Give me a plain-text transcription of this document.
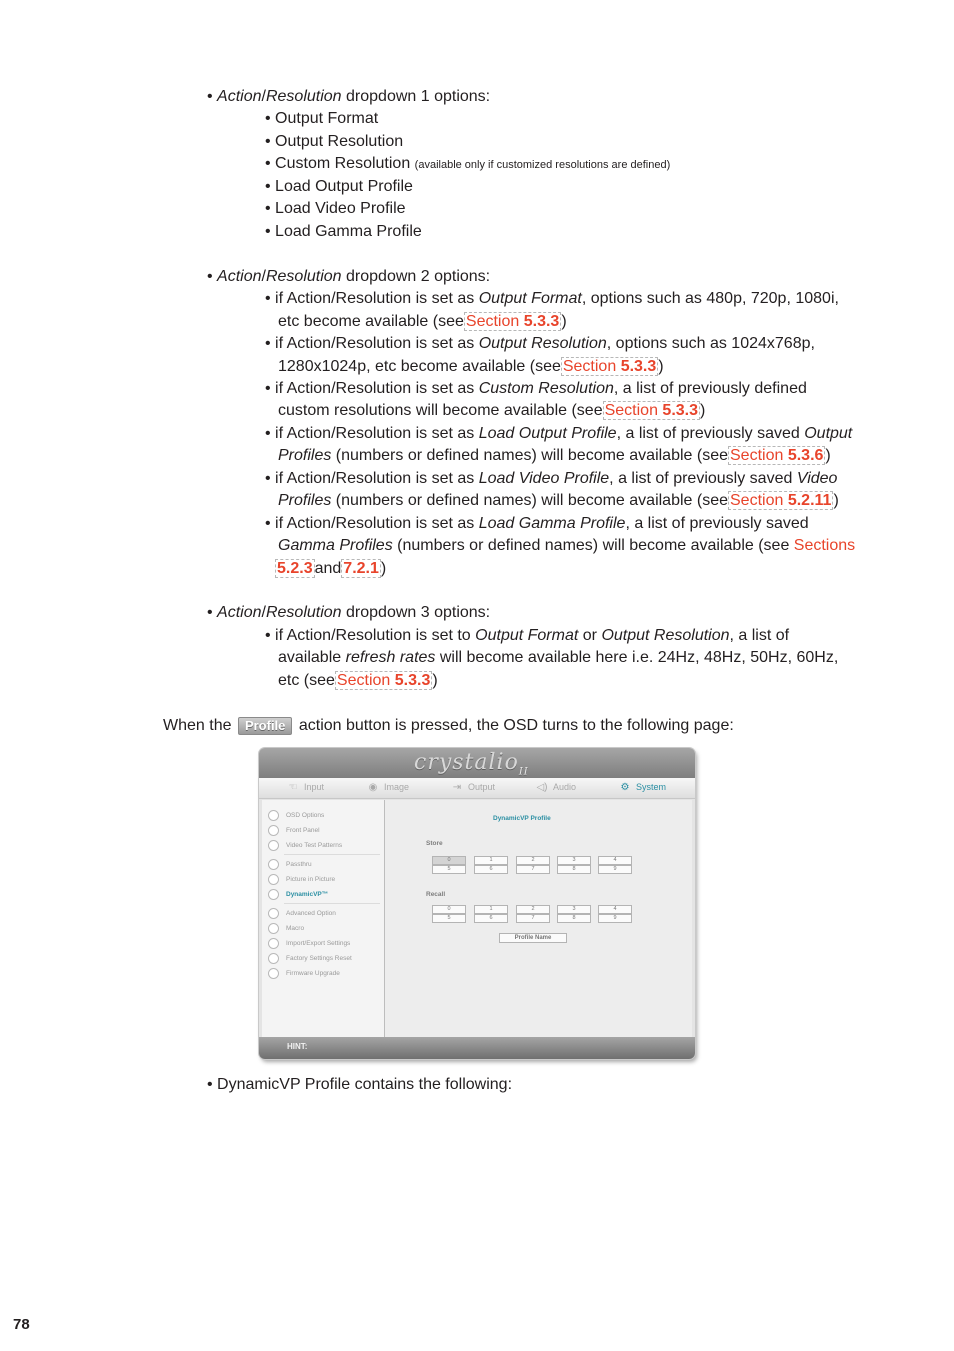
• Action/Resolution dropdown 1 options:
• Output Format
• Output Resolution
• Custom Resolution (available only if customized resolutions are defined)
• Load Output Profile
• Load Video Profile
• Load Gamma Profile
• Action/Resolution dropdown 2 options:
• if Action/Resolution is set as Output Format, options such as 480p, 720p, 1080i,
etc become available (see Section 5.3.3 )
• if Action/Resolution is set as Output Resolution, options such as 1024x768p,
1280x1024p, etc become available (see Section 5.3.3 )
• if Action/Resolution is set as Custom Resolution, a list of previously defined
custom resolutions will become available (see Section 5.3.3 )
• if Action/Resolution is set as Load Output Profile, a list of previously saved Output
Profiles (numbers or defined names) will become available (see Section 5.3.6 )
• if Action/Resolution is set as Load Video Profile, a list of previously saved Video
Profiles (numbers or defined names) will become available (see Section 5.2.11 )
• if Action/Resolution is set as Load Gamma Profile, a list of previously saved
Gamma Profiles (numbers or defined names) will become available (see Sections
5.2.3 and 7.2.1 )
• Action/Resolution dropdown 3 options:
• if Action/Resolution is set to Output Format or Output Resolution, a list of
available refresh rates will become available here i.e. 24Hz, 48Hz, 50Hz, 60Hz,
etc (see Section 5.3.3 )
When the Profile action button is pressed, the OSD turns to the following page:
crystalio$_{II}$
☜ Input	◉ Image	⇥ Output	◁) Audio	⚙ System
OSD Options
Front Panel
Video Test Patterns
Passthru
Picture in Picture
DynamicVP™
Advanced Option
Macro
Import/Export Settings
Factory Settings Reset
Firmware Upgrade
DynamicVP Profile
Store
Recall
0	1	2	3	4
5	6	7	8	9
0	1	2	3	4
5	6	7	8	9
Profile Name
HINT:
• DynamicVP Profile contains the following:
78
